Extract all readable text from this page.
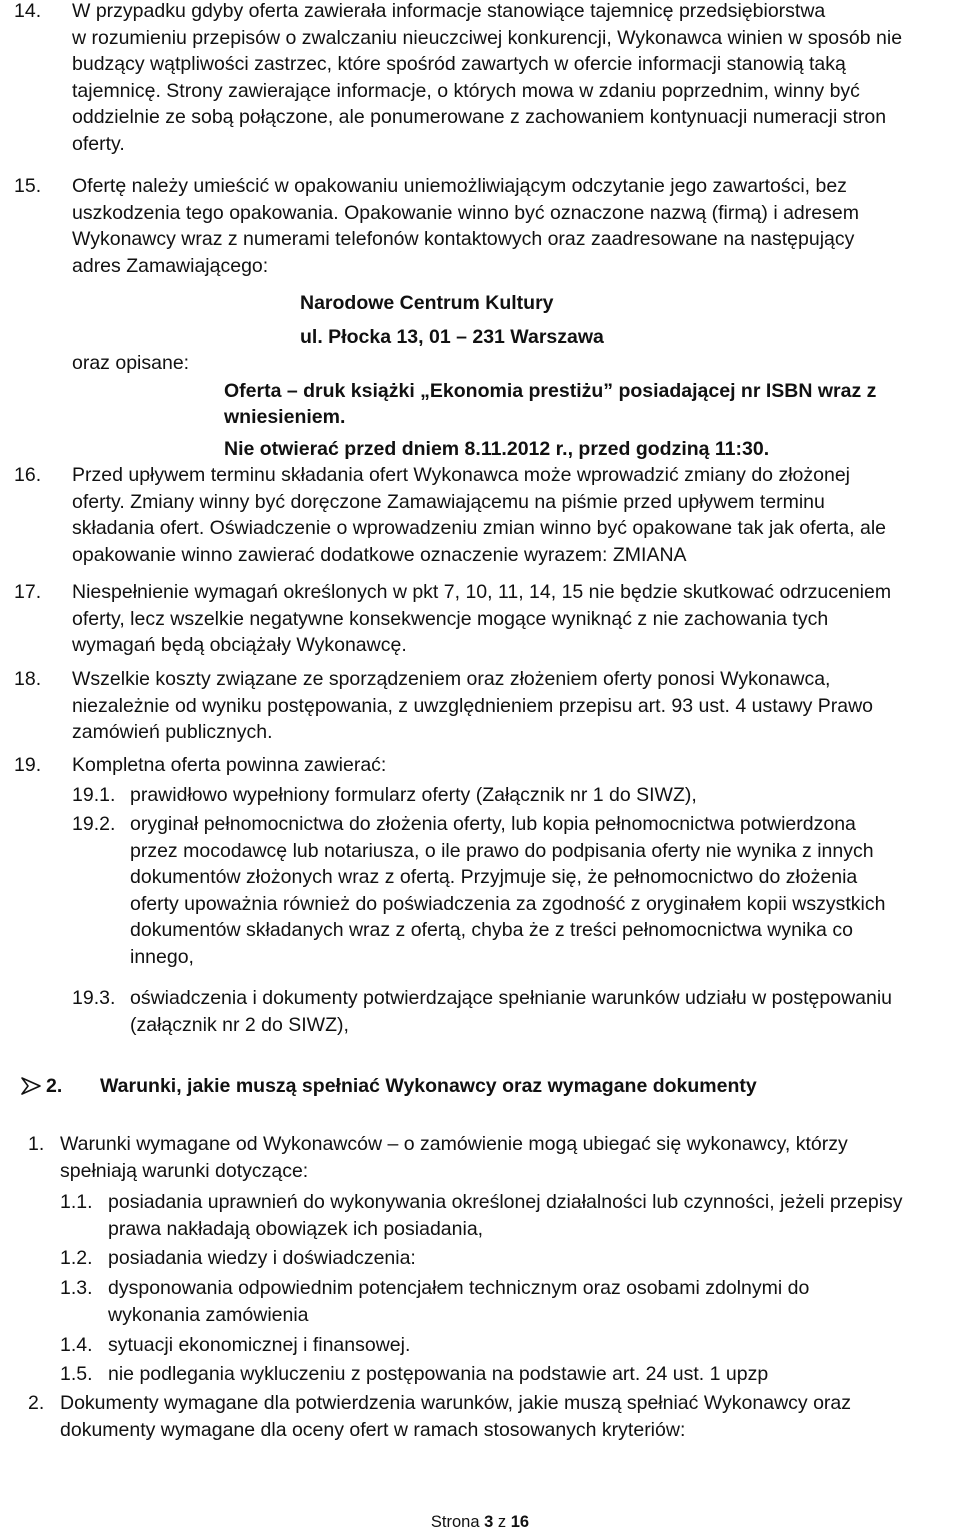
14.	W przypadku gdyby oferta zawierała informacje stanowiące tajemnicę przedsiębiorstwa

w rozumieniu przepisów o zwalczaniu nieuczciwej konkurencji, Wykonawca winien w sposób nie

budzący wątpliwości zastrzec, które spośród zawartych w ofercie informacji stanowią taką

tajemnicę. Strony zawierające informacje, o których mowa w zdaniu poprzednim, winny być

oddzielnie ze sobą połączone, ale ponumerowane z zachowaniem kontynuacji numeracji stron

oferty.

15.	Ofertę należy umieścić w opakowaniu uniemożliwiającym odczytanie jego zawartości, bez

uszkodzenia tego opakowania. Opakowanie winno być oznaczone nazwą (firmą) i adresem

Wykonawcy wraz z numerami telefonów kontaktowych oraz zaadresowane na następujący

adres Zamawiającego:

Narodowe Centrum Kultury
ul. Płocka 13, 01 – 231 Warszawa
oraz opisane:
Oferta – druk książki „Ekonomia prestiżu” posiadającej nr ISBN wraz z
wniesieniem.
Nie otwierać przed dniem 8.11.2012 r., przed godziną 11:30.
16.	Przed upływem terminu składania ofert Wykonawca może wprowadzić zmiany do złożonej

oferty. Zmiany winny być doręczone Zamawiającemu na piśmie przed upływem terminu

składania ofert. Oświadczenie o wprowadzeniu zmian winno być opakowane tak jak oferta, ale

opakowanie winno zawierać dodatkowe oznaczenie wyrazem: ZMIANA

17.	Niespełnienie wymagań określonych w pkt 7, 10, 11, 14, 15 nie będzie skutkować odrzuceniem

oferty, lecz wszelkie negatywne konsekwencje mogące wyniknąć z nie zachowania tych

wymagań będą obciążały Wykonawcę.

18.	Wszelkie koszty związane ze sporządzeniem oraz złożeniem oferty ponosi Wykonawca,

niezależnie od wyniku postępowania, z uwzględnieniem przepisu art. 93 ust. 4 ustawy Prawo

zamówień publicznych.

19.	Kompletna oferta powinna zawierać:
19.1. prawidłowo wypełniony formularz oferty (Załącznik nr 1 do SIWZ),
19.2. oryginał pełnomocnictwa do złożenia oferty, lub kopia pełnomocnictwa potwierdzona

przez mocodawcę lub notariusza, o ile prawo do podpisania oferty nie wynika z innych

dokumentów złożonych wraz z ofertą. Przyjmuje się, że pełnomocnictwo do złożenia

oferty upoważnia również do poświadczenia za zgodność z oryginałem kopii wszystkich

dokumentów składanych wraz z ofertą, chyba że z treści pełnomocnictwa wynika co

innego,

19.3. oświadczenia i dokumenty potwierdzające spełnianie warunków udziału w postępowaniu

(załącznik nr 2 do SIWZ),

2. Warunki, jakie muszą spełniać Wykonawcy oraz wymagane dokumenty
1. Warunki wymagane od Wykonawców – o zamówienie mogą ubiegać się wykonawcy, którzy

spełniają warunki dotyczące:

1.1. posiadania uprawnień do wykonywania określonej działalności lub czynności, jeżeli przepisy

prawa nakładają obowiązek ich posiadania,

1.2. posiadania wiedzy i doświadczenia:
1.3. dysponowania odpowiednim potencjałem technicznym oraz osobami zdolnymi do

wykonania zamówienia

1.4. sytuacji ekonomicznej i finansowej.
1.5. nie podlegania wykluczeniu z postępowania na podstawie art. 24 ust. 1 upzp
2. Dokumenty wymagane dla potwierdzenia warunków, jakie muszą spełniać Wykonawcy oraz

dokumenty wymagane dla oceny ofert w ramach stosowanych kryteriów:

Strona 3 z 16
